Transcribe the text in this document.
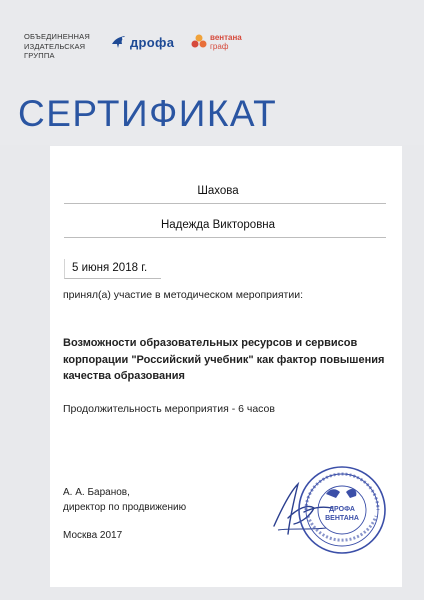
ОБЪЕДИНЕННАЯ
ИЗДАТЕЛЬСКАЯ
ГРУППА
дрофа	вентана
граф
СЕРТИФИКАТ
Шахова
Надежда Викторовна
5 июня 2018 г.
принял(а) участие в методическом мероприятии:
Возможности образовательных ресурсов и сервисов корпорации "Российский учебник" как фактор повышения качества образования
Продолжительность мероприятия - 6 часов
А. А. Баранов,
директор по продвижению
Москва 2017
ДРОФА
ВЕНТАНА
